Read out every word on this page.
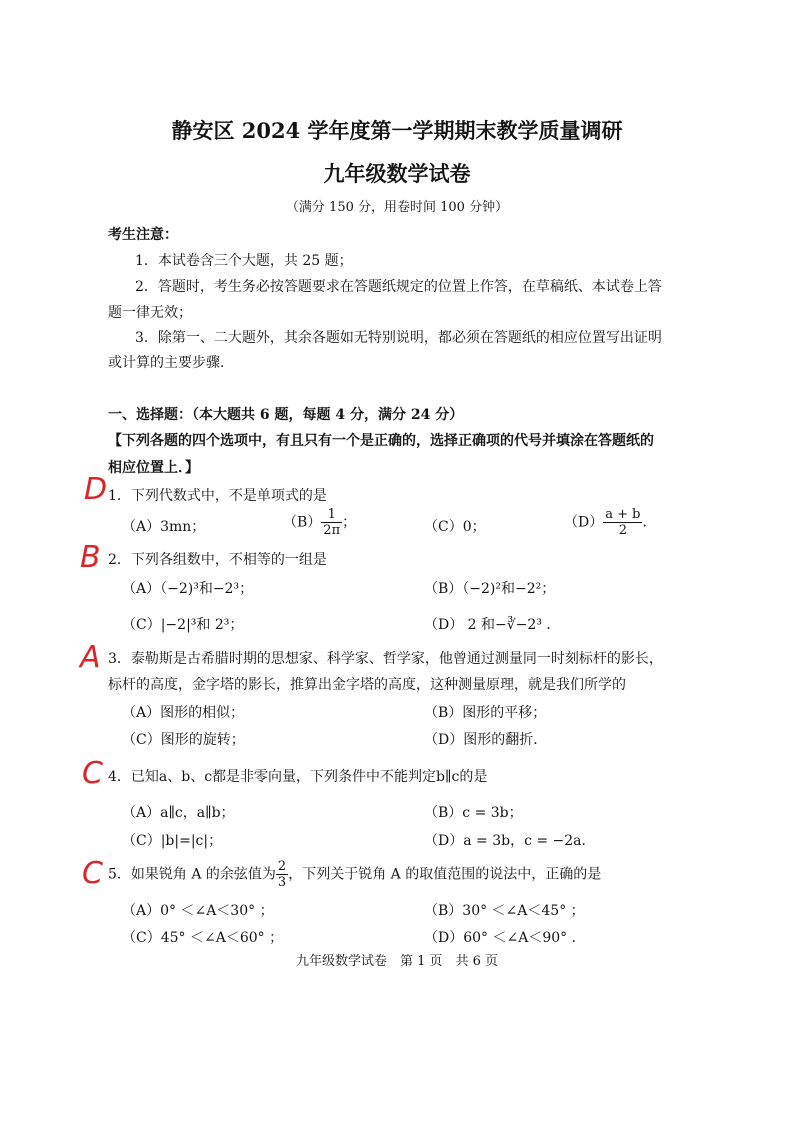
静安区 2024 学年度第一学期期末教学质量调研
九年级数学试卷
（满分 150 分，用卷时间 100 分钟）
考生注意：
1．本试卷含三个大题，共 25 题；
2．答题时，考生务必按答题要求在答题纸规定的位置上作答，在草稿纸、本试卷上答
题一律无效；
3．除第一、二大题外，其余各题如无特别说明，都必须在答题纸的相应位置写出证明
或计算的主要步骤．
一、选择题：（本大题共 6 题，每题 4 分，满分 24 分）
【下列各题的四个选项中，有且只有一个是正确的，选择正确项的代号并填涂在答题纸的
相应位置上．】
D 1．下列代数式中，不是单项式的是
（A）3mn；	$(B) \frac{1}{2\pi}$ ；	（C）0；	$(D) \frac{a + b}{2}$ ．
B 2．下列各组数中，不相等的一组是
（A）（−2)³和−2³；	（B）（−2)²和−2²；
（C）|−2|³和 2³；	（D） 2 和−∛−2³ ．
A 3．泰勒斯是古希腊时期的思想家、科学家、哲学家，他曾通过测量同一时刻标杆的影长，
标杆的高度，金字塔的影长，推算出金字塔的高度，这种测量原理，就是我们所学的
（A）图形的相似；	（B）图形的平移；
（C）图形的旋转；	（D）图形的翻折．
C 4．已知a、b、c都是非零向量，下列条件中不能判定b∥c的是
（A）a∥c，a∥b；	（B）c = 3b；
（C）|b|=|c|；	（D）a = 3b，c = −2a．
C 5．如果锐角 A 的余弦值为 $\frac{2}{3}$ ，下列关于锐角 A 的取值范围的说法中，正确的是
（A）0° ＜∠A＜30° ；	（B）30° ＜∠A＜45° ；
（C）45° ＜∠A＜60° ；	（D）60° ＜∠A＜90° ．
九年级数学试卷　第 1 页　共 6 页
